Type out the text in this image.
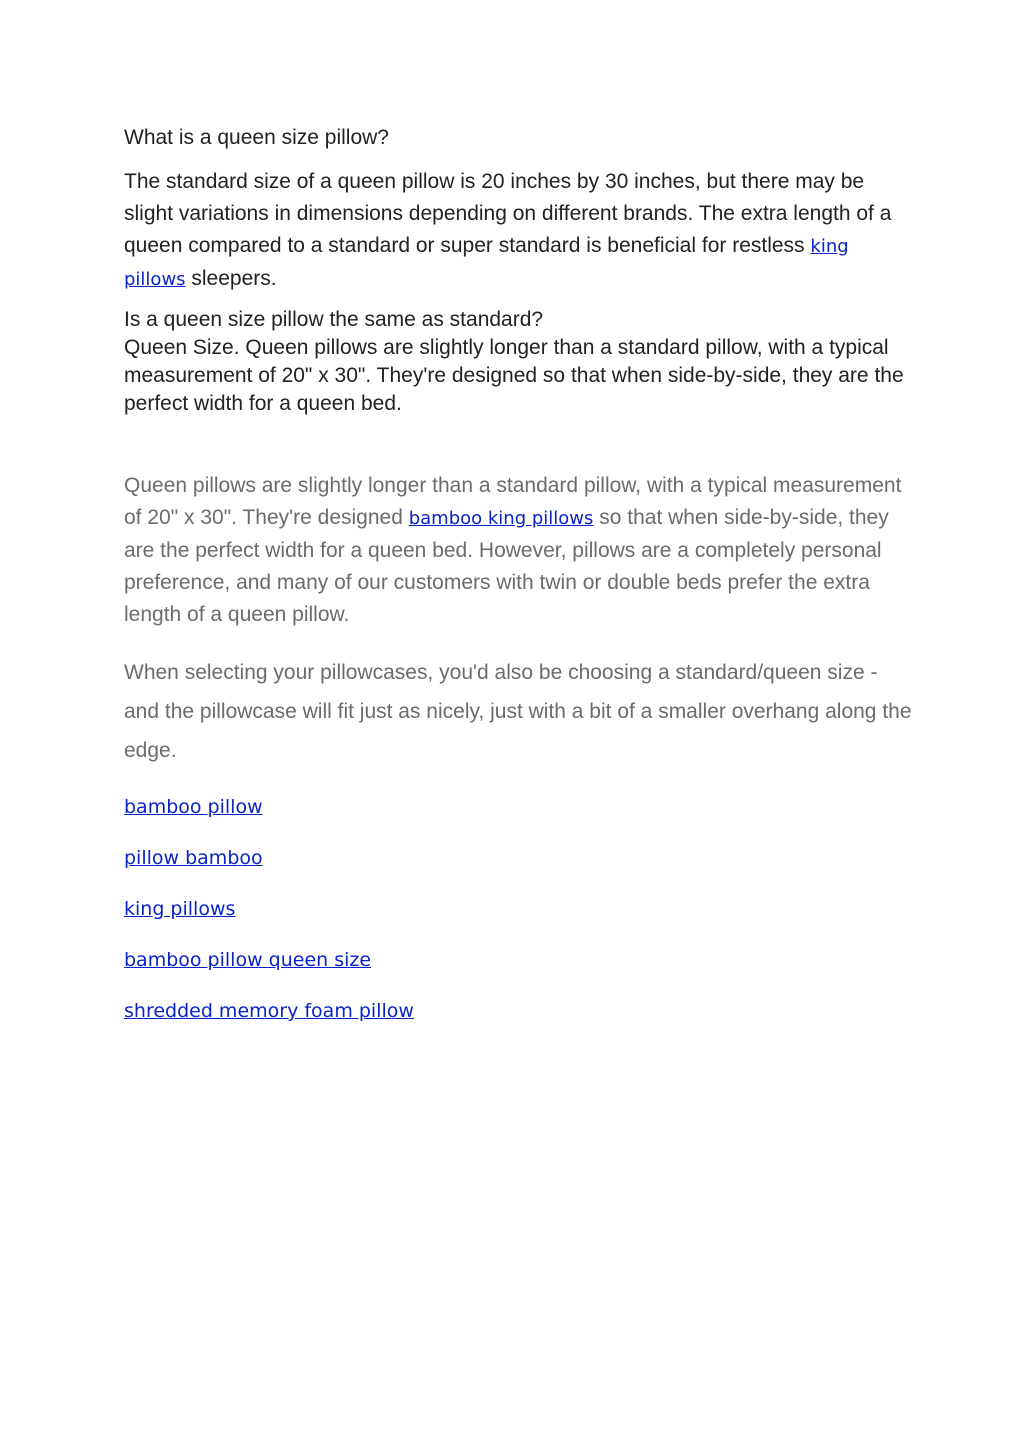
What is a queen size pillow?

The standard size of a queen pillow is 20 inches by 30 inches, but there may be slight variations in dimensions depending on different brands. The extra length of a queen compared to a standard or super standard is beneficial for restless king pillows sleepers.

Is a queen size pillow the same as standard?

Queen Size. Queen pillows are slightly longer than a standard pillow, with a typical measurement of 20" x 30". They're designed so that when side-by-side, they are the perfect width for a queen bed.

Queen pillows are slightly longer than a standard pillow, with a typical measurement of 20" x 30". They're designed bamboo king pillows so that when side-by-side, they are the perfect width for a queen bed. However, pillows are a completely personal preference, and many of our customers with twin or double beds prefer the extra length of a queen pillow.

When selecting your pillowcases, you'd also be choosing a standard/queen size - and the pillowcase will fit just as nicely, just with a bit of a smaller overhang along the edge.

bamboo pillow
pillow bamboo
king pillows
bamboo pillow queen size
shredded memory foam pillow
